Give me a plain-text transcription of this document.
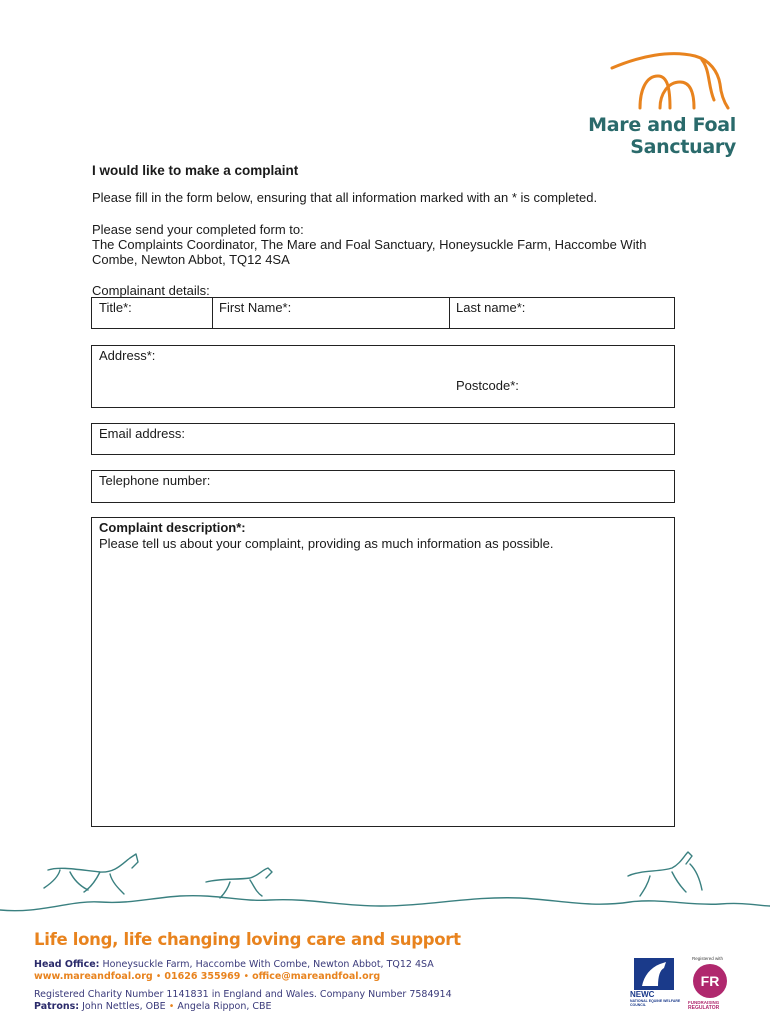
Mare and Foal
Sanctuary
I would like to make a complaint
Please fill in the form below, ensuring that all information marked with an * is completed.
Please send your completed form to:
The Complaints Coordinator, The Mare and Foal Sanctuary, Honeysuckle Farm, Haccombe With
Combe, Newton Abbot, TQ12 4SA
Complainant details:
Title*:	First Name*:	Last name*:
Address*:
Postcode*:
Email address:
Telephone number:
Complaint description*:
Please tell us about your complaint, providing as much information as possible.
Life long, life changing loving care and support
Head Office: Honeysuckle Farm, Haccombe With Combe, Newton Abbot, TQ12 4SA
www.mareandfoal.org • 01626 355969 • office@mareandfoal.org
Registered Charity Number 1141831 in England and Wales. Company Number 7584914
Patrons: John Nettles, OBE • Angela Rippon, CBE
NEWC
NATIONAL EQUINE WELFARE COUNCIL
Registered with
FR
FUNDRAISING
REGULATOR
